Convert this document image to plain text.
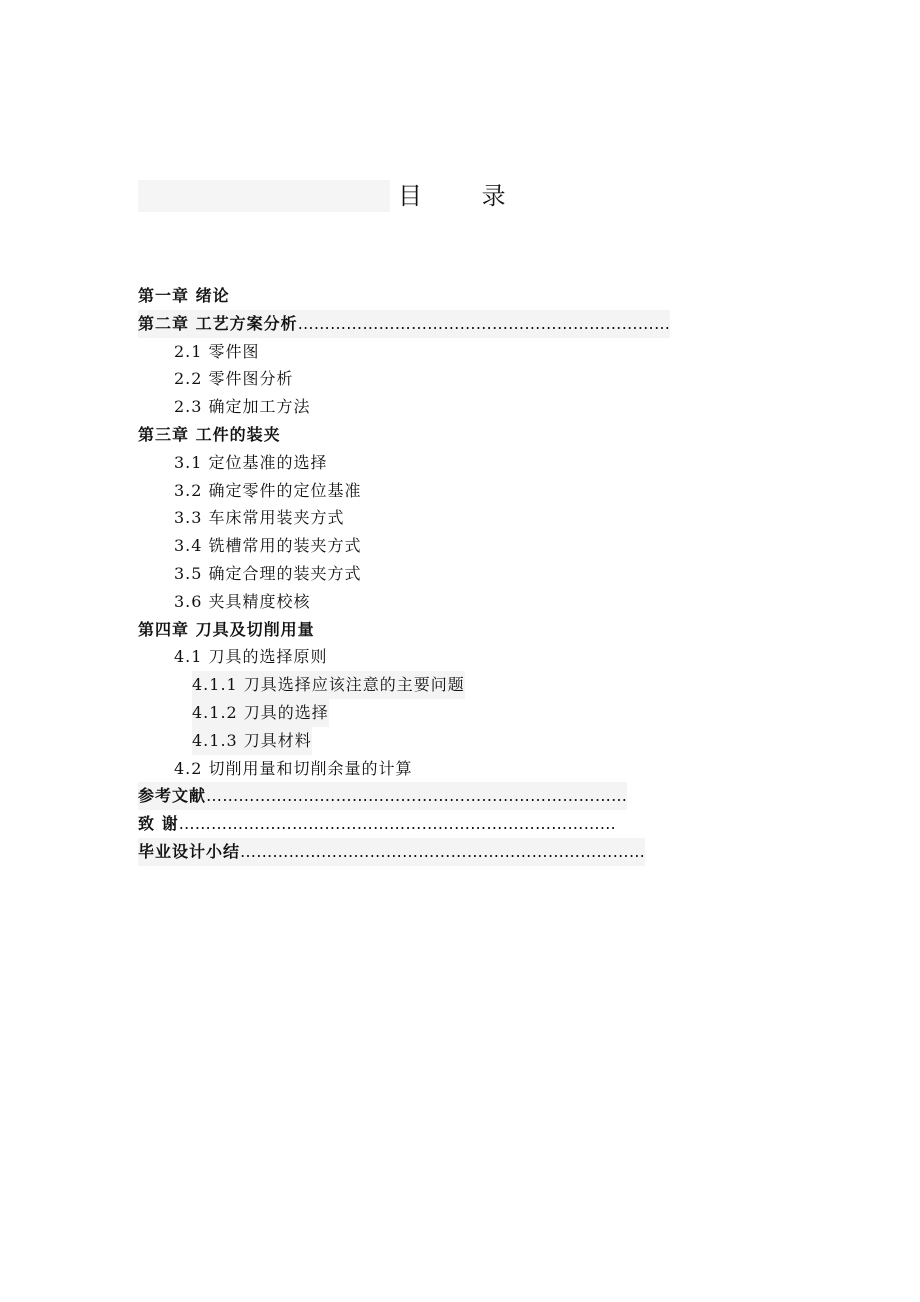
目 录
第一章 绪论
第二章 工艺方案分析……………………………………………………………
2.1 零件图
2.2 零件图分析
2.3 确定加工方法
第三章 工件的装夹
3.1 定位基准的选择
3.2 确定零件的定位基准
3.3 车床常用装夹方式
3.4 铣槽常用的装夹方式
3.5 确定合理的装夹方式
3.6 夹具精度校核
第四章 刀具及切削用量
4.1 刀具的选择原则
4.1.1 刀具选择应该注意的主要问题
4.1.2 刀具的选择
4.1.3 刀具材料
4.2 切削用量和切削余量的计算
参考文献……………………………………………………………………
致 谢………………………………………………………………………
毕业设计小结…………………………………………………………………
